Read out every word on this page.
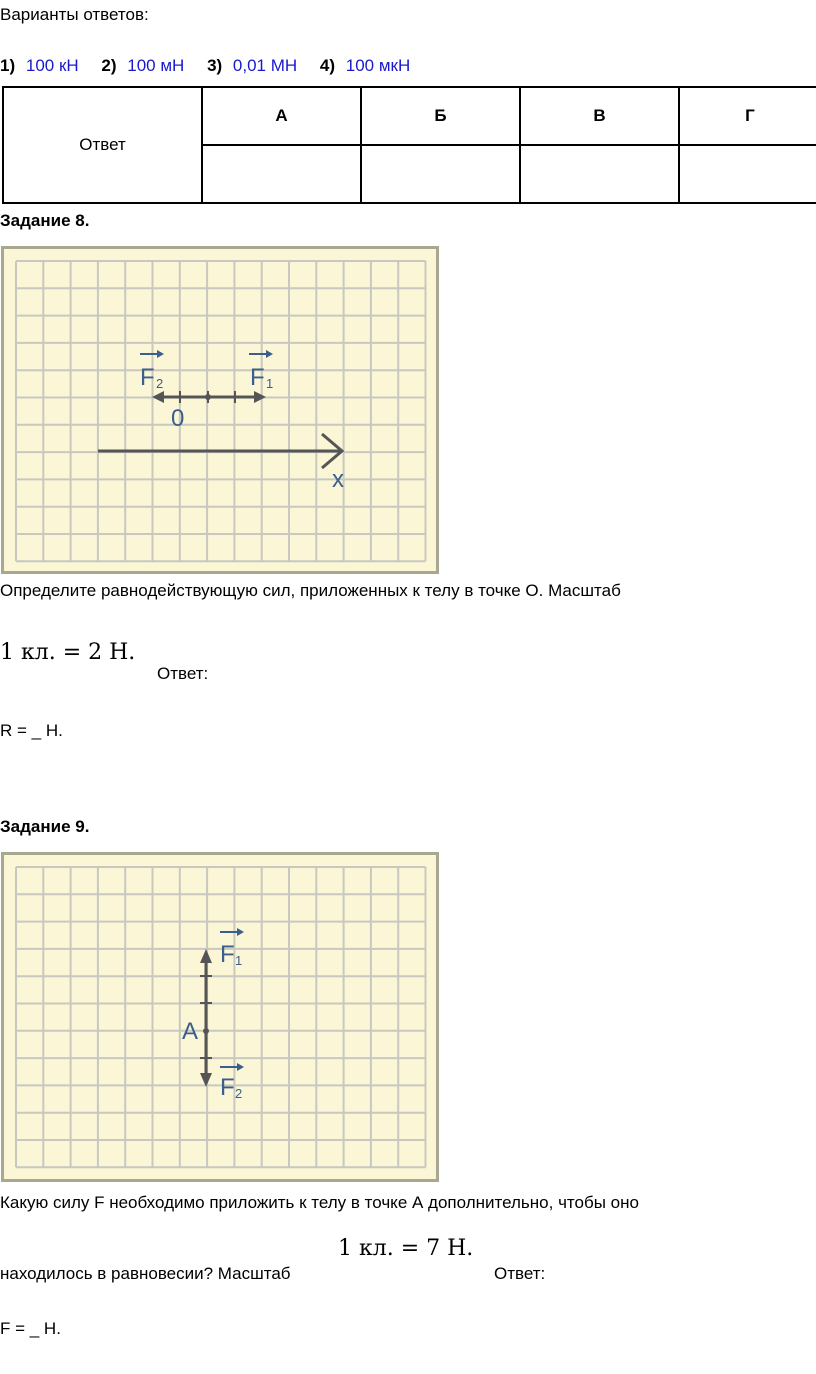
Варианты ответов:
1) 100 кН 2) 100 мН 3) 0,01 МН 4) 100 мкН
Ответ	А	Б	В	Г

Задание 8.
F 2	F 1
0
x
Определите равнодействующую сил, приложенных к телу в точке O. Масштаб
1 кл. = 2 Н.
Ответ:
R = _ Н.
Задание 9.
F 1
F 2
A
Какую силу F необходимо приложить к телу в точке А дополнительно, чтобы оно
находилось в равновесии? Масштаб
1 кл. = 7 Н.
Ответ:
F = _ Н.
